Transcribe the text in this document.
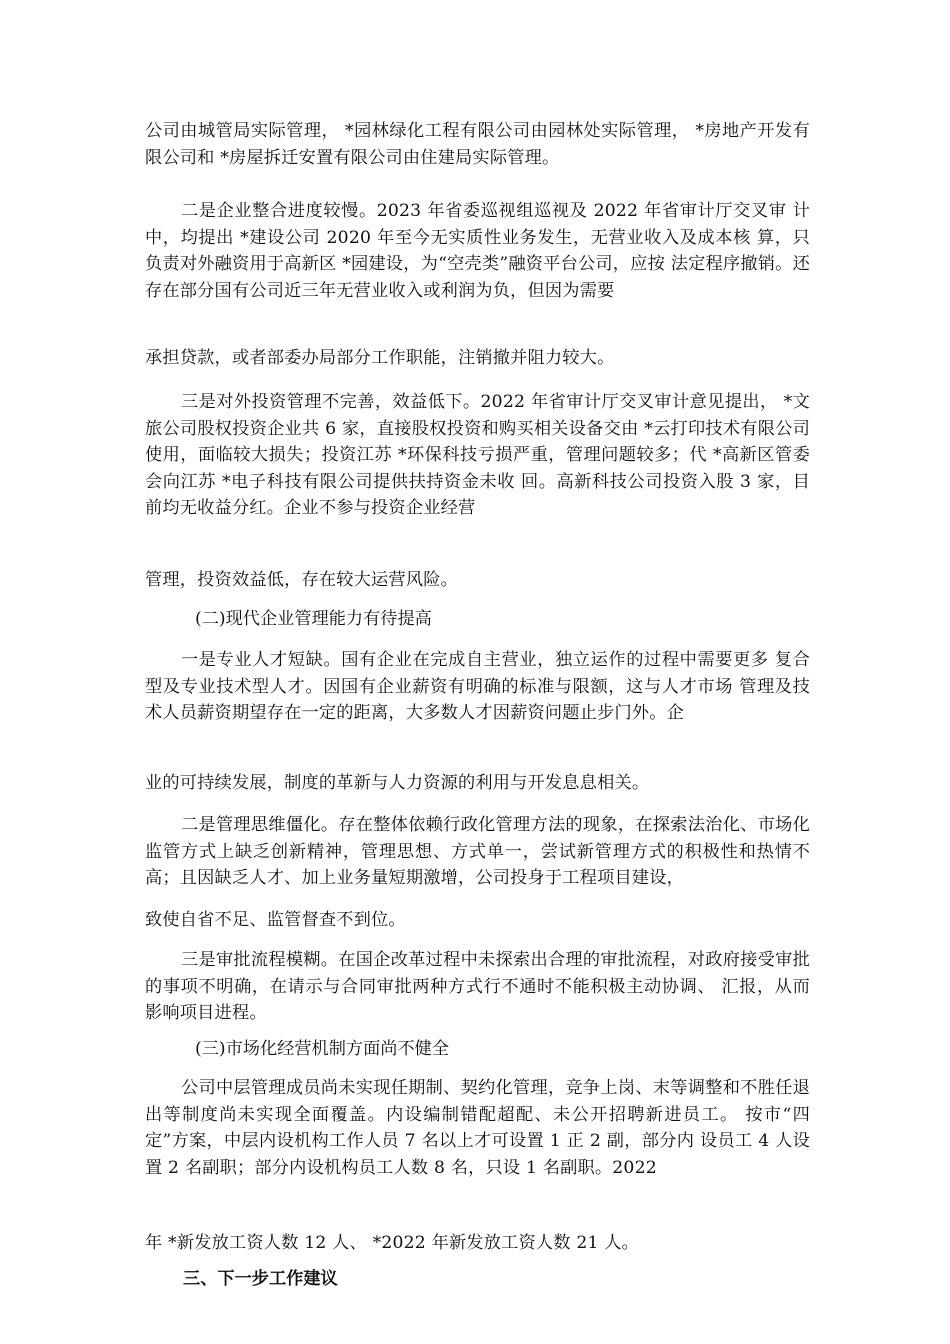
公司由城管局实际管理， *园林绿化工程有限公司由园林处实际管理， *房地产开发有限公司和 *房屋拆迁安置有限公司由住建局实际管理。

二是企业整合进度较慢。2023 年省委巡视组巡视及 2022 年省审计厅交叉审 计中，均提出 *建设公司 2020 年至今无实质性业务发生，无营业收入及成本核 算，只负责对外融资用于高新区 *园建设，为“空壳类”融资平台公司，应按 法定程序撤销。还存在部分国有公司近三年无营业收入或利润为负，但因为需要

承担贷款，或者部委办局部分工作职能，注销撤并阻力较大。

三是对外投资管理不完善，效益低下。2022 年省审计厅交叉审计意见提出， *文旅公司股权投资企业共 6 家，直接股权投资和购买相关设备交由 *云打印技术有限公司使用，面临较大损失；投资江苏 *环保科技亏损严重，管理问题较多；代 *高新区管委会向江苏 *电子科技有限公司提供扶持资金未收 回。高新科技公司投资入股 3 家，目前均无收益分红。企业不参与投资企业经营

管理，投资效益低，存在较大运营风险。

(二)现代企业管理能力有待提高

一是专业人才短缺。国有企业在完成自主营业，独立运作的过程中需要更多 复合型及专业技术型人才。因国有企业薪资有明确的标准与限额，这与人才市场 管理及技术人员薪资期望存在一定的距离，大多数人才因薪资问题止步门外。企

业的可持续发展，制度的革新与人力资源的利用与开发息息相关。

二是管理思维僵化。存在整体依赖行政化管理方法的现象，在探索法治化、市场化监管方式上缺乏创新精神，管理思想、方式单一，尝试新管理方式的积极性和热情不高；且因缺乏人才、加上业务量短期激增，公司投身于工程项目建设，

致使自省不足、监管督查不到位。

三是审批流程模糊。在国企改革过程中未探索出合理的审批流程，对政府接受审批的事项不明确，在请示与合同审批两种方式行不通时不能积极主动协调、 汇报，从而影响项目进程。

(三)市场化经营机制方面尚不健全

公司中层管理成员尚未实现任期制、契约化管理，竞争上岗、末等调整和不胜任退出等制度尚未实现全面覆盖。内设编制错配超配、未公开招聘新进员工。 按市“四定”方案，中层内设机构工作人员 7 名以上才可设置 1 正 2 副，部分内 设员工 4 人设置 2 名副职；部分内设机构员工人数 8 名，只设 1 名副职。2022

年 *新发放工资人数 12 人、 *2022 年新发放工资人数 21 人。

三、下一步工作建议
